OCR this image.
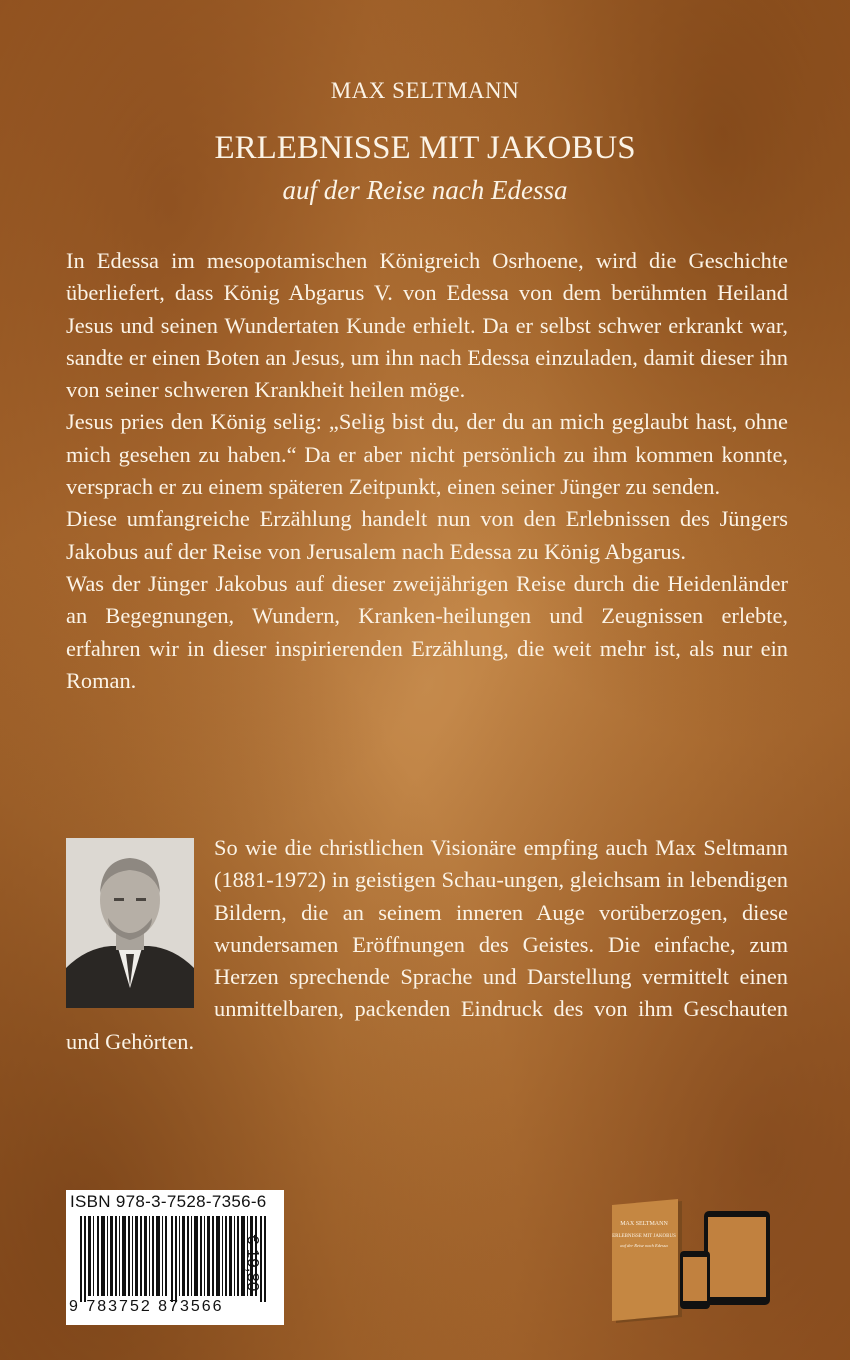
MAX SELTMANN
ERLEBNISSE MIT JAKOBUS
auf der Reise nach Edessa

In Edessa im mesopotamischen Königreich Osrhoene, wird die Geschichte überliefert, dass König Abgarus V. von Edessa von dem berühmten Heiland Jesus und seinen Wundertaten Kunde erhielt. Da er selbst schwer erkrankt war, sandte er einen Boten an Jesus, um ihn nach Edessa einzuladen, damit dieser ihn von seiner schweren Krankheit heilen möge.

Jesus pries den König selig: „Selig bist du, der du an mich geglaubt hast, ohne mich gesehen zu haben.“ Da er aber nicht persönlich zu ihm kommen konnte, versprach er zu einem späteren Zeitpunkt, einen seiner Jünger zu senden.

Diese umfangreiche Erzählung handelt nun von den Erlebnissen des Jüngers Jakobus auf der Reise von Jerusalem nach Edessa zu König Abgarus.

Was der Jünger Jakobus auf dieser zweijährigen Reise durch die Heidenländer an Begegnungen, Wundern, Kranken-heilungen und Zeugnissen erlebte, erfahren wir in dieser inspirierenden Erzählung, die weit mehr ist, als nur ein Roman.

So wie die christlichen Visionäre empfing auch Max Seltmann (1881-1972) in geistigen Schau-ungen, gleichsam in lebendigen Bildern, die an seinem inneren Auge vorüberzogen, diese wundersamen Eröffnungen des Geistes. Die einfache, zum Herzen sprechende Sprache und Darstellung vermittelt einen unmittelbaren, packenden Eindruck des von ihm Geschauten und Gehörten.
ISBN 978-3-7528-7356-6
9 783752 873566
€ 19,80
MAX SELTMANN
ERLEBNISSE MIT JAKOBUS
auf der Reise nach Edessa
